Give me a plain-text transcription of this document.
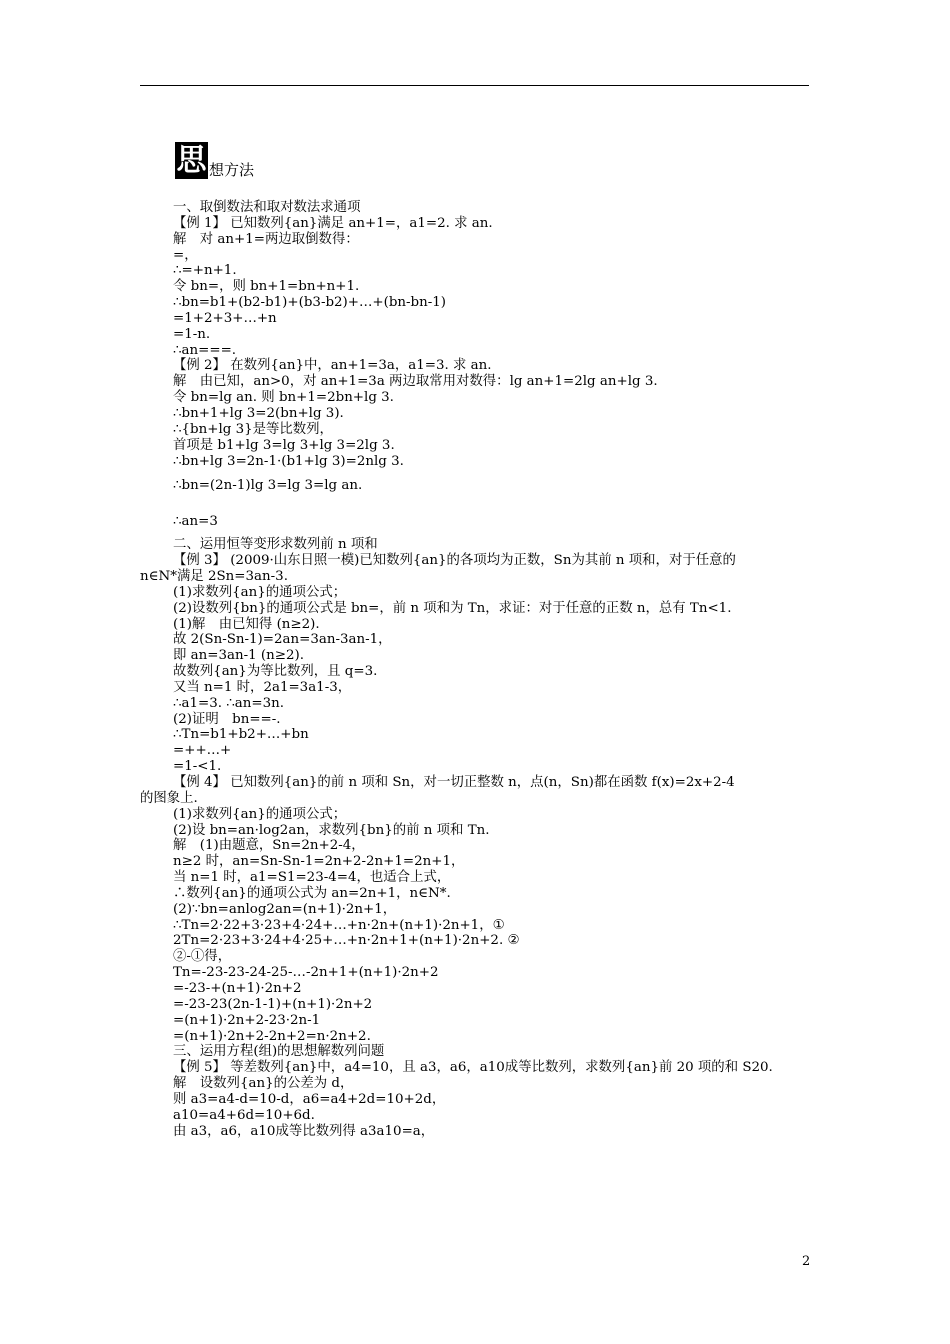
思 想方法
一、取倒数法和取对数法求通项
【例 1】 已知数列{an}满足 an+1=，a1=2. 求 an.
解　对 an+1=两边取倒数得：
=，
∴=+n+1.
令 bn=，则 bn+1=bn+n+1.
∴bn=b1+(b2-b1)+(b3-b2)+…+(bn-bn-1)
=1+2+3+…+n
=1-n.
∴an===.
【例 2】 在数列{an}中，an+1=3a，a1=3. 求 an.
解　由已知，an>0，对 an+1=3a 两边取常用对数得：lg an+1=2lg an+lg 3.
令 bn=lg an. 则 bn+1=2bn+lg 3.
∴bn+1+lg 3=2(bn+lg 3).
∴{bn+lg 3}是等比数列，
首项是 b1+lg 3=lg 3+lg 3=2lg 3.
∴bn+lg 3=2n-1·(b1+lg 3)=2nlg 3.
∴bn=(2n-1)lg 3=lg 3=lg an.
∴an=3
二、运用恒等变形求数列前 n 项和
【例 3】 (2009·山东日照一模)已知数列{an}的各项均为正数，Sn为其前 n 项和，对于任意的
n∈N*满足 2Sn=3an-3.
(1)求数列{an}的通项公式；
(2)设数列{bn}的通项公式是 bn=，前 n 项和为 Tn，求证：对于任意的正数 n，总有 Tn<1.
(1)解　由已知得 (n≥2).
故 2(Sn-Sn-1)=2an=3an-3an-1，
即 an=3an-1 (n≥2).
故数列{an}为等比数列，且 q=3.
又当 n=1 时，2a1=3a1-3，
∴a1=3. ∴an=3n.
(2)证明　bn==-.
∴Tn=b1+b2+…+bn
=++…+
=1-<1.
【例 4】 已知数列{an}的前 n 项和 Sn，对一切正整数 n，点(n，Sn)都在函数 f(x)=2x+2-4
的图象上.
(1)求数列{an}的通项公式；
(2)设 bn=an·log2an，求数列{bn}的前 n 项和 Tn.
解　(1)由题意，Sn=2n+2-4，
n≥2 时，an=Sn-Sn-1=2n+2-2n+1=2n+1，
当 n=1 时，a1=S1=23-4=4，也适合上式，
∴数列{an}的通项公式为 an=2n+1，n∈N*.
(2)∵bn=anlog2an=(n+1)·2n+1，
∴Tn=2·22+3·23+4·24+…+n·2n+(n+1)·2n+1，①
2Tn=2·23+3·24+4·25+…+n·2n+1+(n+1)·2n+2. ②
②-①得，
Tn=-23-23-24-25-…-2n+1+(n+1)·2n+2
=-23-+(n+1)·2n+2
=-23-23(2n-1-1)+(n+1)·2n+2
=(n+1)·2n+2-23·2n-1
=(n+1)·2n+2-2n+2=n·2n+2.
三、运用方程(组)的思想解数列问题
【例 5】 等差数列{an}中，a4=10，且 a3，a6，a10成等比数列，求数列{an}前 20 项的和 S20.
解　设数列{an}的公差为 d，
则 a3=a4-d=10-d，a6=a4+2d=10+2d，
a10=a4+6d=10+6d.
由 a3，a6，a10成等比数列得 a3a10=a，
2
